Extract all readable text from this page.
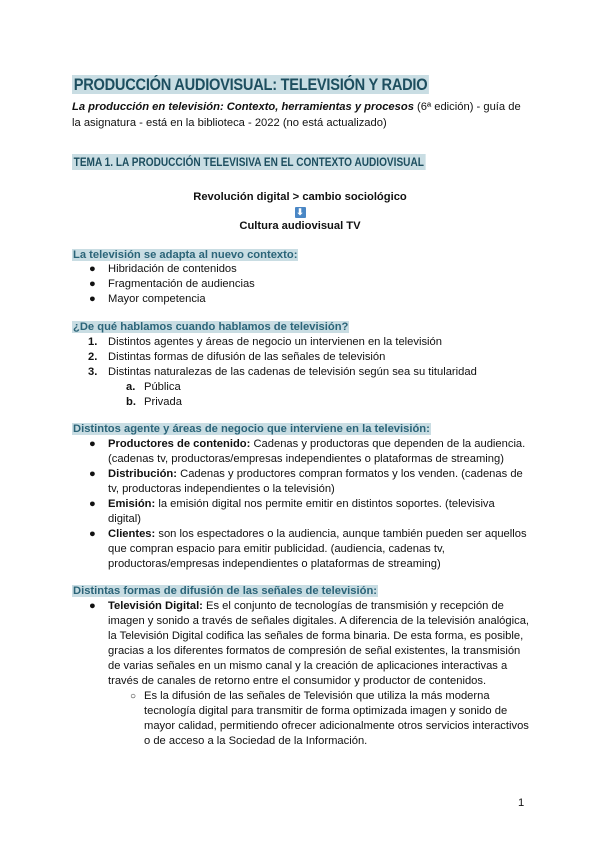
PRODUCCIÓN AUDIOVISUAL: TELEVISIÓN Y RADIO
La producción en televisión: Contexto, herramientas y procesos (6ª edición) - guía de
la asignatura - está en la biblioteca - 2022 (no está actualizado)
TEMA 1. LA PRODUCCIÓN TELEVISIVA EN EL CONTEXTO AUDIOVISUAL
Revolución digital > cambio sociológico
⬇
Cultura audiovisual TV
La televisión se adapta al nuevo contexto:
● Hibridación de contenidos
● Fragmentación de audiencias
● Mayor competencia
¿De qué hablamos cuando hablamos de televisión?
1. Distintos agentes y áreas de negocio un intervienen en la televisión
2. Distintas formas de difusión de las señales de televisión
3. Distintas naturalezas de las cadenas de televisión según sea su titularidad
a. Pública
b. Privada
Distintos agente y áreas de negocio que interviene en la televisión:
● Productores de contenido: Cadenas y productoras que dependen de la audiencia.
(cadenas tv, productoras/empresas independientes o plataformas de streaming)
● Distribución: Cadenas y productores compran formatos y los venden. (cadenas de
tv, productoras independientes o la televisión)
● Emisión: la emisión digital nos permite emitir en distintos soportes. (televisiva
digital)
● Clientes: son los espectadores o la audiencia, aunque también pueden ser aquellos
que compran espacio para emitir publicidad. (audiencia, cadenas tv,
productoras/empresas independientes o plataformas de streaming)
Distintas formas de difusión de las señales de televisión:
● Televisión Digital: Es el conjunto de tecnologías de transmisión y recepción de
imagen y sonido a través de señales digitales. A diferencia de la televisión analógica,
la Televisión Digital codifica las señales de forma binaria. De esta forma, es posible,
gracias a los diferentes formatos de compresión de señal existentes, la transmisión
de varias señales en un mismo canal y la creación de aplicaciones interactivas a
través de canales de retorno entre el consumidor y productor de contenidos.
○ Es la difusión de las señales de Televisión que utiliza la más moderna
tecnología digital para transmitir de forma optimizada imagen y sonido de
mayor calidad, permitiendo ofrecer adicionalmente otros servicios interactivos
o de acceso a la Sociedad de la Información.
1
